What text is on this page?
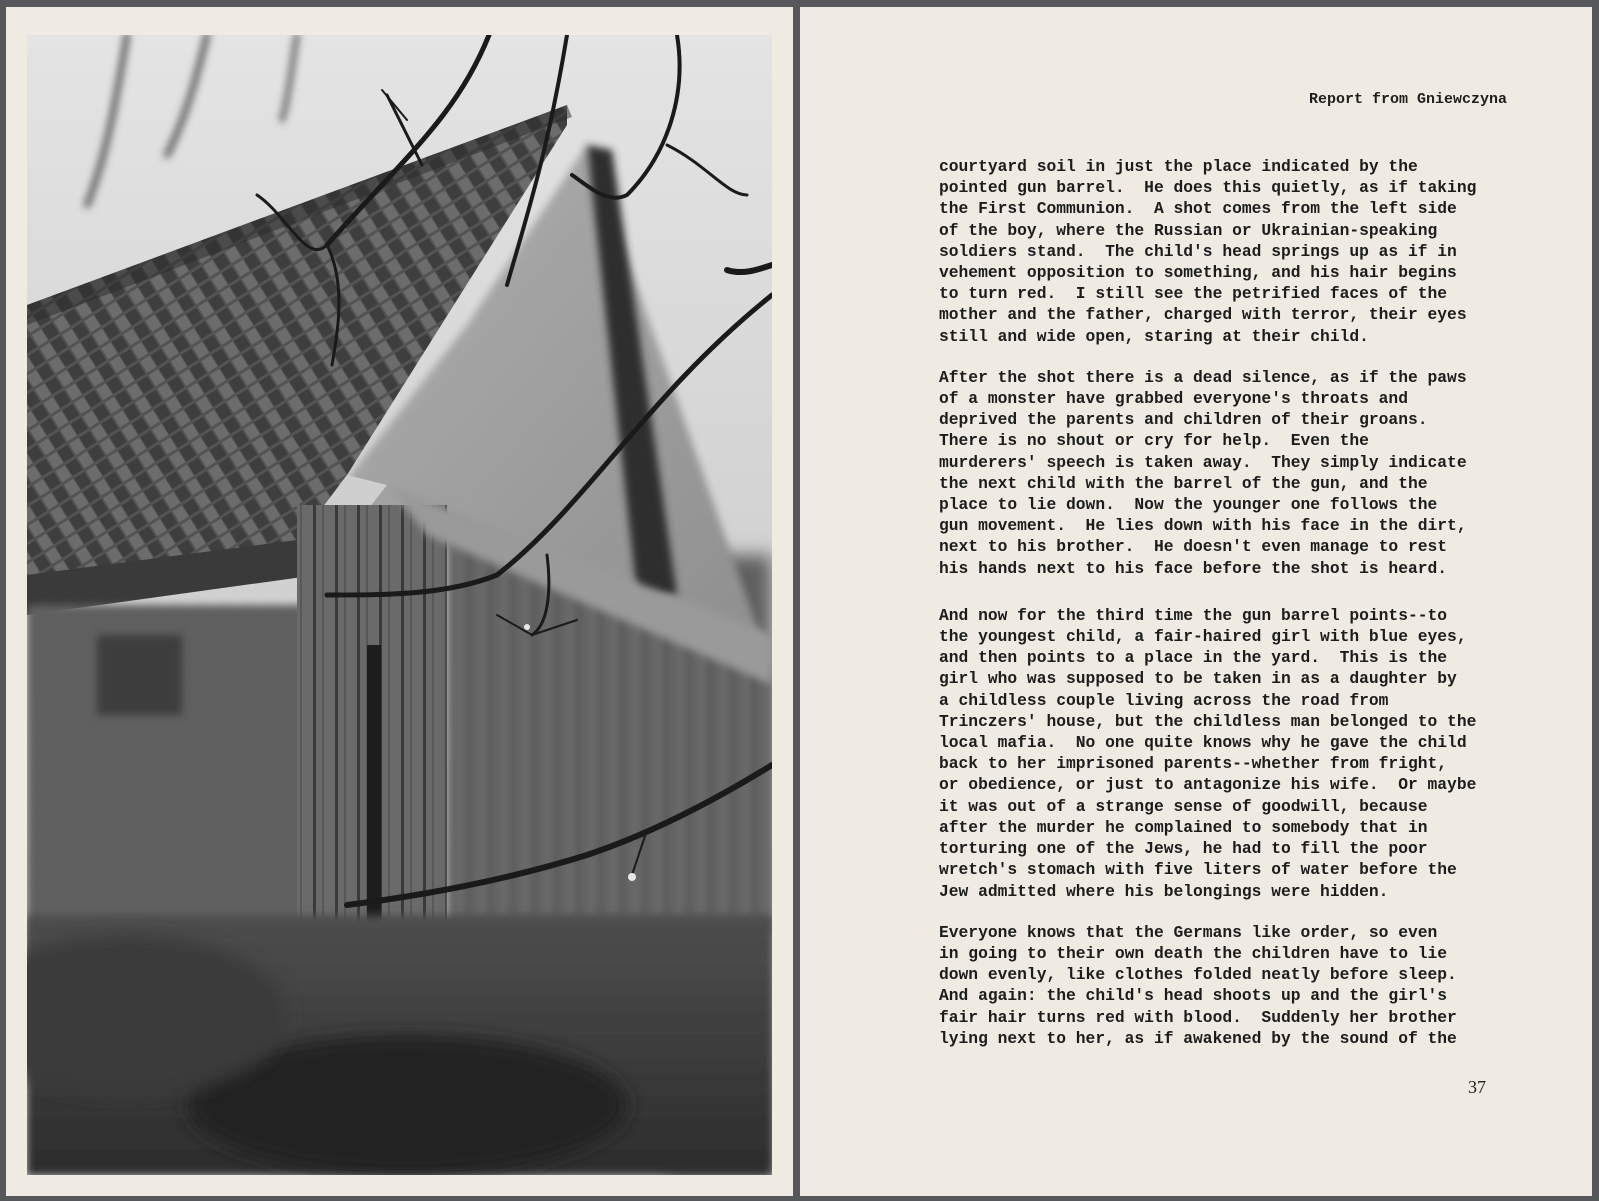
Report from Gniewczyna

courtyard soil in just the place indicated by the
pointed gun barrel.  He does this quietly, as if taking
the First Communion.  A shot comes from the left side
of the boy, where the Russian or Ukrainian-speaking
soldiers stand.  The child's head springs up as if in
vehement opposition to something, and his hair begins
to turn red.  I still see the petrified faces of the
mother and the father, charged with terror, their eyes
still and wide open, staring at their child.

After the shot there is a dead silence, as if the paws
of a monster have grabbed everyone's throats and
deprived the parents and children of their groans.
There is no shout or cry for help.  Even the
murderers' speech is taken away.  They simply indicate
the next child with the barrel of the gun, and the
place to lie down.  Now the younger one follows the
gun movement.  He lies down with his face in the dirt,
next to his brother.  He doesn't even manage to rest
his hands next to his face before the shot is heard.

And now for the third time the gun barrel points--to
the youngest child, a fair-haired girl with blue eyes,
and then points to a place in the yard.  This is the
girl who was supposed to be taken in as a daughter by
a childless couple living across the road from
Trinczers' house, but the childless man belonged to the
local mafia.  No one quite knows why he gave the child
back to her imprisoned parents--whether from fright,
or obedience, or just to antagonize his wife.  Or maybe
it was out of a strange sense of goodwill, because
after the murder he complained to somebody that in
torturing one of the Jews, he had to fill the poor
wretch's stomach with five liters of water before the
Jew admitted where his belongings were hidden.

Everyone knows that the Germans like order, so even
in going to their own death the children have to lie
down evenly, like clothes folded neatly before sleep.
And again: the child's head shoots up and the girl's
fair hair turns red with blood.  Suddenly her brother
lying next to her, as if awakened by the sound of the

37
